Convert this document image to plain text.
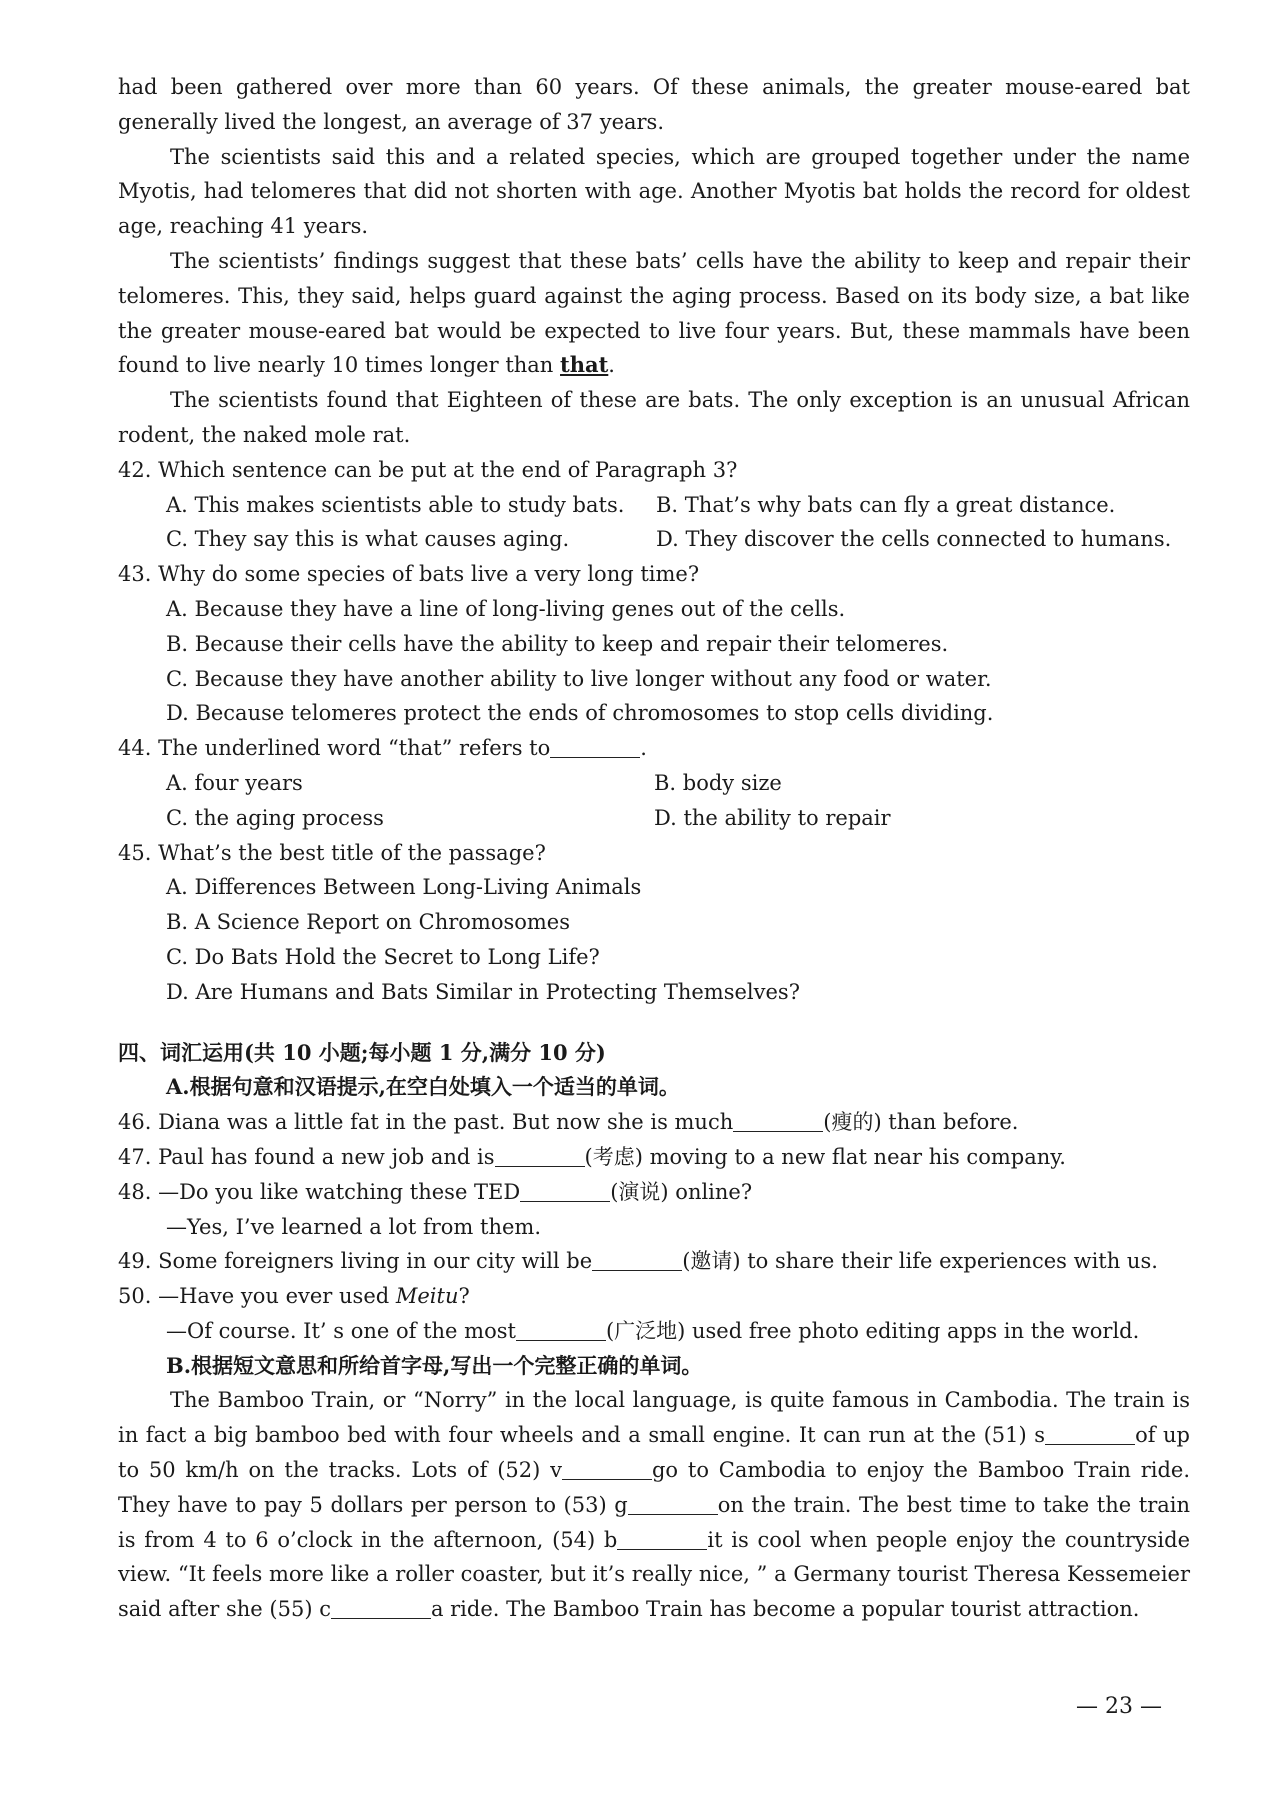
had been gathered over more than 60 years. Of these animals, the greater mouse-eared bat generally lived the longest, an average of 37 years.

The scientists said this and a related species, which are grouped together under the name Myotis, had telomeres that did not shorten with age. Another Myotis bat holds the record for oldest age, reaching 41 years.

The scientists’ findings suggest that these bats’ cells have the ability to keep and repair their telomeres. This, they said, helps guard against the aging process. Based on its body size, a bat like the greater mouse-eared bat would be expected to live four years. But, these mammals have been found to live nearly 10 times longer than that.

The scientists found that Eighteen of these are bats. The only exception is an unusual African rodent, the naked mole rat.

42. Which sentence can be put at the end of Paragraph 3?

A. This makes scientists able to study bats.	B. That’s why bats can fly a great distance.
C. They say this is what causes aging.	D. They discover the cells connected to humans.

43. Why do some species of bats live a very long time?

A. Because they have a line of long-living genes out of the cells.

B. Because their cells have the ability to keep and repair their telomeres.

C. Because they have another ability to live longer without any food or water.

D. Because telomeres protect the ends of chromosomes to stop cells dividing.

44. The underlined word “that” refers to	.

A. four years	B. body size
C. the aging process	D. the ability to repair

45. What’s the best title of the passage?

A. Differences Between Long-Living Animals

B. A Science Report on Chromosomes

C. Do Bats Hold the Secret to Long Life?

D. Are Humans and Bats Similar in Protecting Themselves?

四、词汇运用(共 10 小题;每小题 1 分,满分 10 分)

A.根据句意和汉语提示,在空白处填入一个适当的单词。

46. Diana was a little fat in the past. But now she is much	(瘦的) than before.

47. Paul has found a new job and is	(考虑) moving to a new flat near his company.

48. —Do you like watching these TED	(演说) online?

—Yes, I’ve learned a lot from them.

49. Some foreigners living in our city will be	(邀请) to share their life experiences with us.

50. —Have you ever used Meitu?

—Of course. It’ s one of the most	(广泛地) used free photo editing apps in the world.

B.根据短文意思和所给首字母,写出一个完整正确的单词。

The Bamboo Train, or “Norry” in the local language, is quite famous in Cambodia. The train is in fact a big bamboo bed with four wheels and a small engine. It can run at the (51) s	of up to 50 km/h on the tracks. Lots of (52) v	go to Cambodia to enjoy the Bamboo Train ride. They have to pay 5 dollars per person to (53) g	on the train. The best time to take the train is from 4 to 6 o’clock in the afternoon, (54) b	it is cool when people enjoy the countryside view. “It feels more like a roller coaster, but it’s really nice, ” a Germany tourist Theresa Kessemeier said after she (55) c	a ride. The Bamboo Train has become a popular tourist attraction.

— 23 —
